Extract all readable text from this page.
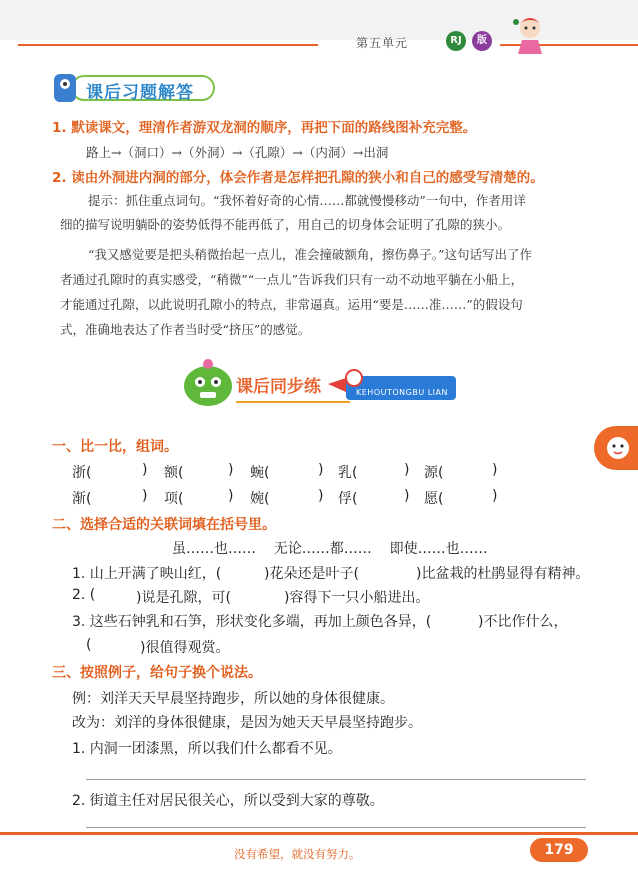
第五单元	RJ	版
课后习题解答
1. 默读课文，理清作者游双龙洞的顺序，再把下面的路线图补充完整。
路上→（洞口）→（外洞）→（孔隙）→（内洞）→出洞
2. 读由外洞进内洞的部分，体会作者是怎样把孔隙的狭小和自己的感受写清楚的。
提示：抓住重点词句。“我怀着好奇的心情……都就慢慢移动”一句中，作者用详
细的描写说明躺卧的姿势低得不能再低了，用自己的切身体会证明了孔隙的狭小。
“我又感觉要是把头稍微抬起一点儿，准会撞破额角，擦伤鼻子。”这句话写出了作
者通过孔隙时的真实感受，“稍微”“一点儿”告诉我们只有一动不动地平躺在小船上，
才能通过孔隙，以此说明孔隙小的特点，非常逼真。运用“要是……准……”的假设句
式，准确地表达了作者当时受“挤压”的感觉。
课后同步练	KEHOUTONGBU LIAN
一、比一比，组词。
浙(	) 额(	) 蜿(	) 乳(	) 源(	)
渐(	) 项(	) 婉(	) 俘(	) 愿(	)
二、选择合适的关联词填在括号里。
虽……也……    无论……都……    即使……也……
1. 山上开满了映山红，(	)花朵还是叶子(	)比盆栽的杜鹃显得有精神。
2. (	)说是孔隙，可(	)容得下一只小船进出。
3. 这些石钟乳和石笋，形状变化多端，再加上颜色各异，(	)不比作什么，
(	)很值得观赏。
三、按照例子，给句子换个说法。
例：刘洋天天早晨坚持跑步，所以她的身体很健康。
改为：刘洋的身体很健康，是因为她天天早晨坚持跑步。
1. 内洞一团漆黑，所以我们什么都看不见。
2. 街道主任对居民很关心，所以受到大家的尊敬。
没有希望，就没有努力。	179
